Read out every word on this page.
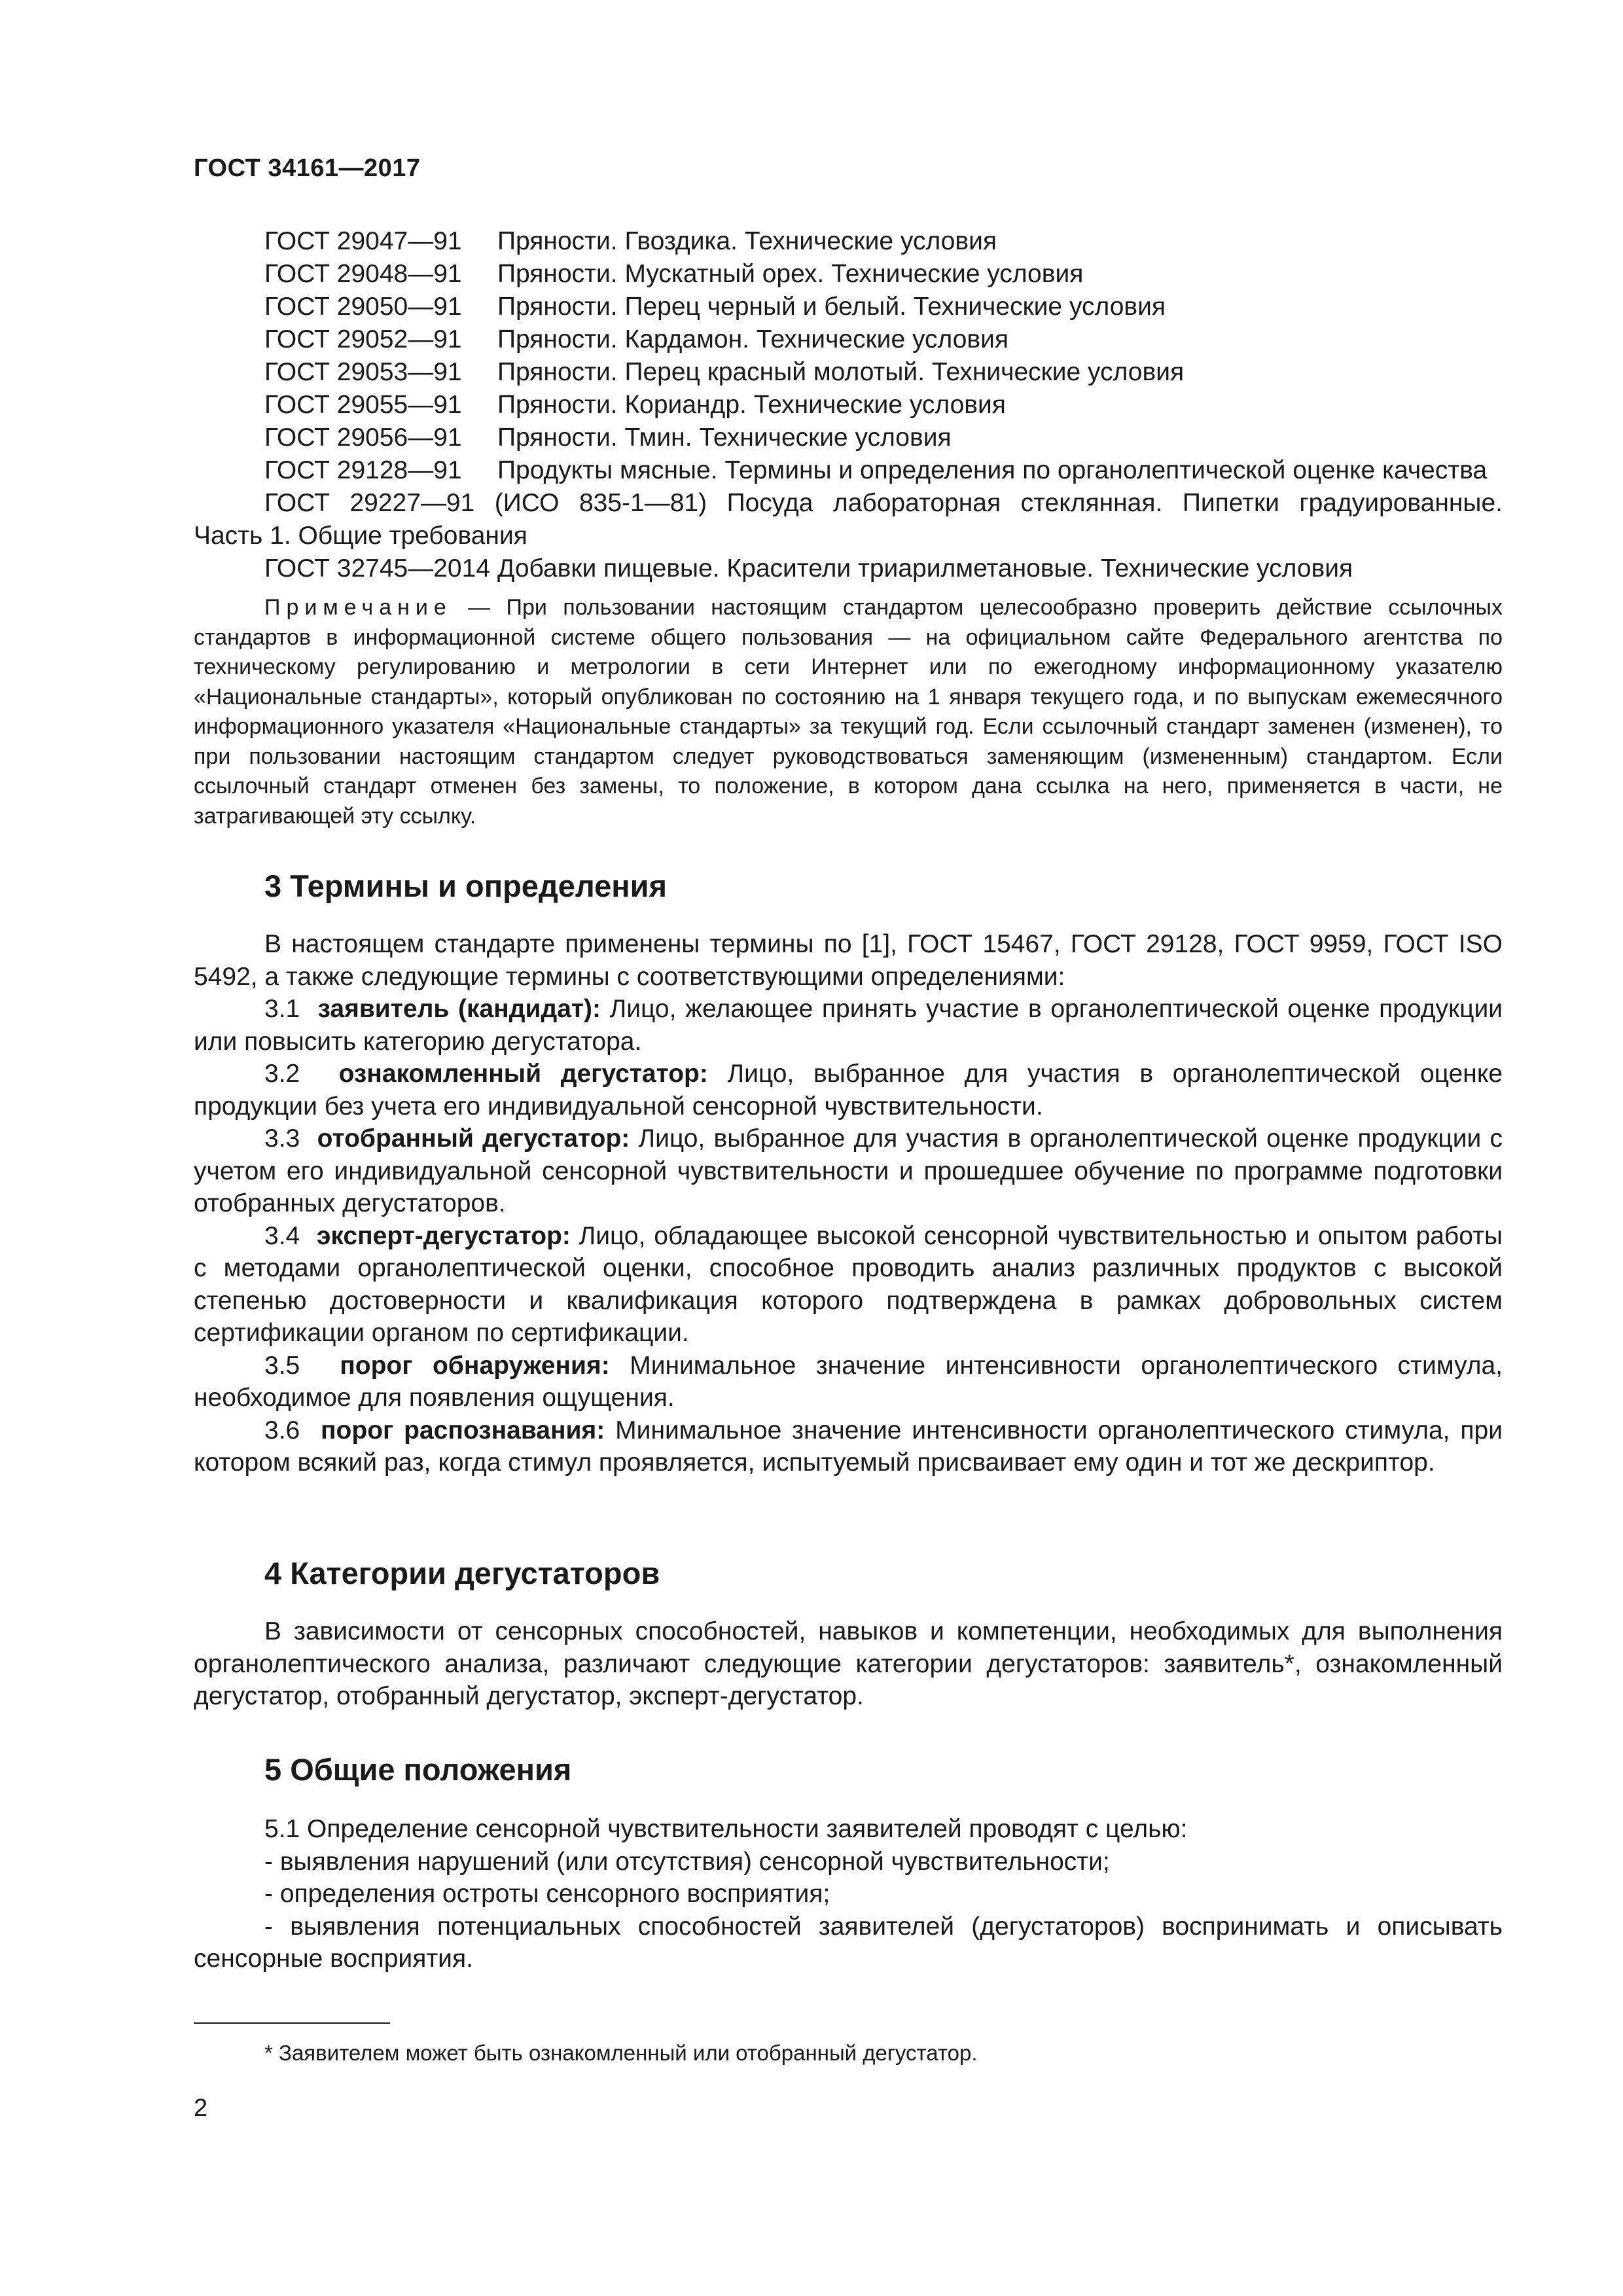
ГОСТ 34161—2017
ГОСТ 29047—91 Пряности. Гвоздика. Технические условия
ГОСТ 29048—91 Пряности. Мускатный орех. Технические условия
ГОСТ 29050—91 Пряности. Перец черный и белый. Технические условия
ГОСТ 29052—91 Пряности. Кардамон. Технические условия
ГОСТ 29053—91 Пряности. Перец красный молотый. Технические условия
ГОСТ 29055—91 Пряности. Кориандр. Технические условия
ГОСТ 29056—91 Пряности. Тмин. Технические условия
ГОСТ 29128—91 Продукты мясные. Термины и определения по органолептической оценке качества
ГОСТ 29227—91 (ИСО 835-1—81) Посуда лабораторная стеклянная. Пипетки градуированные.
Часть 1. Общие требования
ГОСТ 32745—2014 Добавки пищевые. Красители триарилметановые. Технические условия

Примечание — При пользовании настоящим стандартом целесообразно проверить действие ссылочных стандартов в информационной системе общего пользования — на официальном сайте Федерального агентства по техническому регулированию и метрологии в сети Интернет или по ежегодному информационному указателю «Национальные стандарты», который опубликован по состоянию на 1 января текущего года, и по выпускам ежемесячного информационного указателя «Национальные стандарты» за текущий год. Если ссылочный стандарт заменен (изменен), то при пользовании настоящим стандартом следует руководствоваться заменяющим (измененным) стандартом. Если ссылочный стандарт отменен без замены, то положение, в котором дана ссылка на него, применяется в части, не затрагивающей эту ссылку.

3 Термины и определения

В настоящем стандарте применены термины по [1], ГОСТ 15467, ГОСТ 29128, ГОСТ 9959, ГОСТ ISO 5492, а также следующие термины с соответствующими определениями:

3.1 заявитель (кандидат): Лицо, желающее принять участие в органолептической оценке продукции или повысить категорию дегустатора.

3.2 ознакомленный дегустатор: Лицо, выбранное для участия в органолептической оценке продукции без учета его индивидуальной сенсорной чувствительности.

3.3 отобранный дегустатор: Лицо, выбранное для участия в органолептической оценке продукции с учетом его индивидуальной сенсорной чувствительности и прошедшее обучение по программе подготовки отобранных дегустаторов.

3.4 эксперт-дегустатор: Лицо, обладающее высокой сенсорной чувствительностью и опытом работы с методами органолептической оценки, способное проводить анализ различных продуктов с высокой степенью достоверности и квалификация которого подтверждена в рамках добровольных систем сертификации органом по сертификации.

3.5 порог обнаружения: Минимальное значение интенсивности органолептического стимула, необходимое для появления ощущения.

3.6 порог распознавания: Минимальное значение интенсивности органолептического стимула, при котором всякий раз, когда стимул проявляется, испытуемый присваивает ему один и тот же дескриптор.

4 Категории дегустаторов

В зависимости от сенсорных способностей, навыков и компетенции, необходимых для выполнения органолептического анализа, различают следующие категории дегустаторов: заявитель*, ознакомленный дегустатор, отобранный дегустатор, эксперт-дегустатор.

5 Общие положения

5.1 Определение сенсорной чувствительности заявителей проводят с целью:

- выявления нарушений (или отсутствия) сенсорной чувствительности;

- определения остроты сенсорного восприятия;

- выявления потенциальных способностей заявителей (дегустаторов) воспринимать и описывать сенсорные восприятия.

* Заявителем может быть ознакомленный или отобранный дегустатор.
2
